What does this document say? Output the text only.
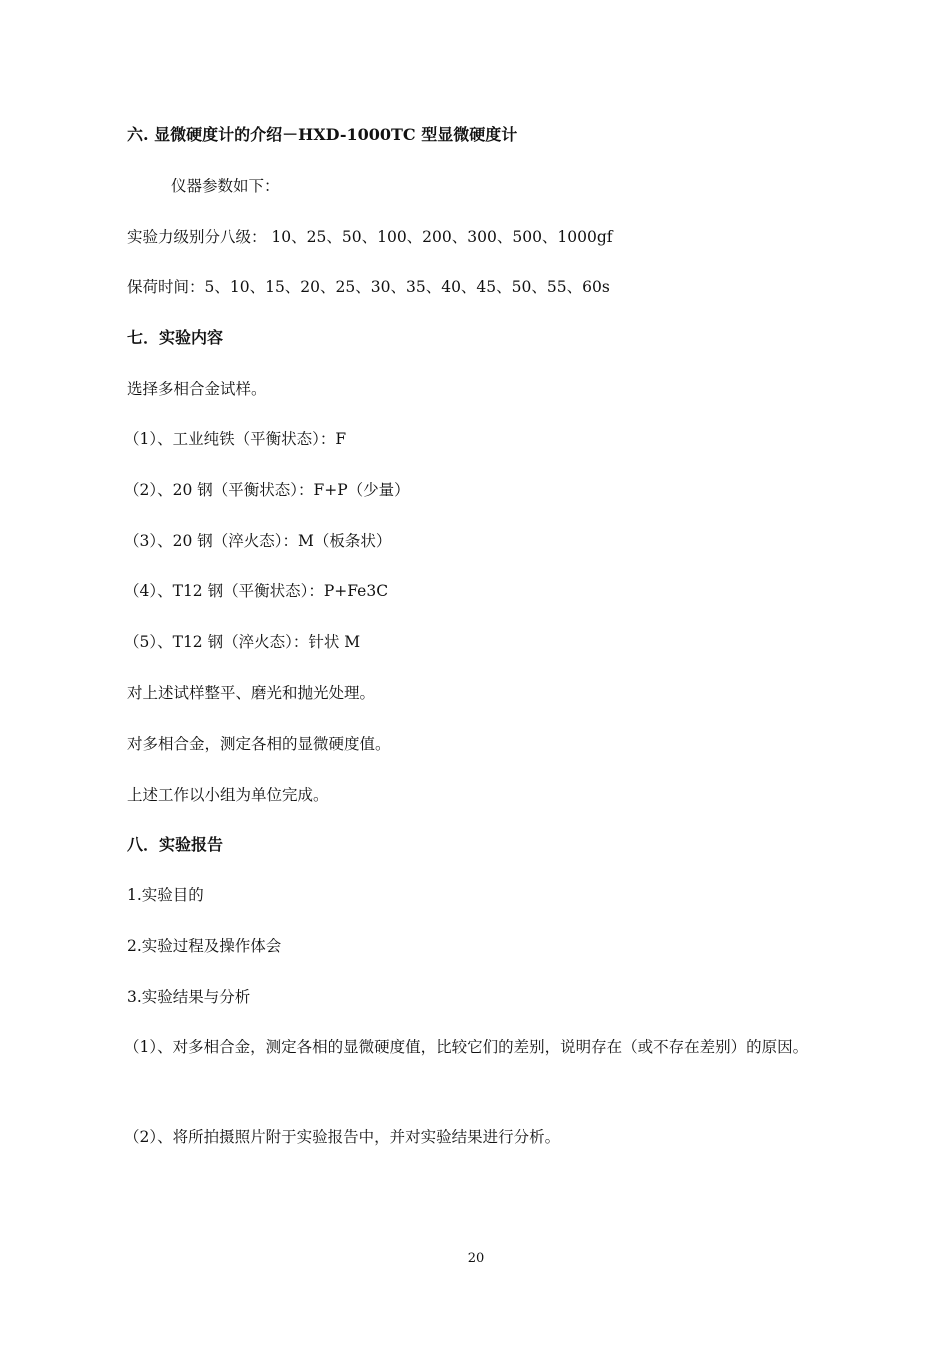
六. 显微硬度计的介绍－HXD-1000TC 型显微硬度计
仪器参数如下：
实验力级别分八级： 10、25、50、100、200、300、500、1000gf
保荷时间：5、10、15、20、25、30、35、40、45、50、55、60s
七．实验内容
选择多相合金试样。
（1）、工业纯铁（平衡状态）：F
（2）、20 钢（平衡状态）：F+P（少量）
（3）、20 钢（淬火态）：M（板条状）
（4）、T12 钢（平衡状态）：P+Fe3C
（5）、T12 钢（淬火态）：针状 M
对上述试样整平、磨光和抛光处理。
对多相合金，测定各相的显微硬度值。
上述工作以小组为单位完成。
八．实验报告
1.实验目的
2.实验过程及操作体会
3.实验结果与分析
（1）、对多相合金，测定各相的显微硬度值，比较它们的差别，说明存在（或不存在差别）的原因。
（2）、将所拍摄照片附于实验报告中，并对实验结果进行分析。
20
